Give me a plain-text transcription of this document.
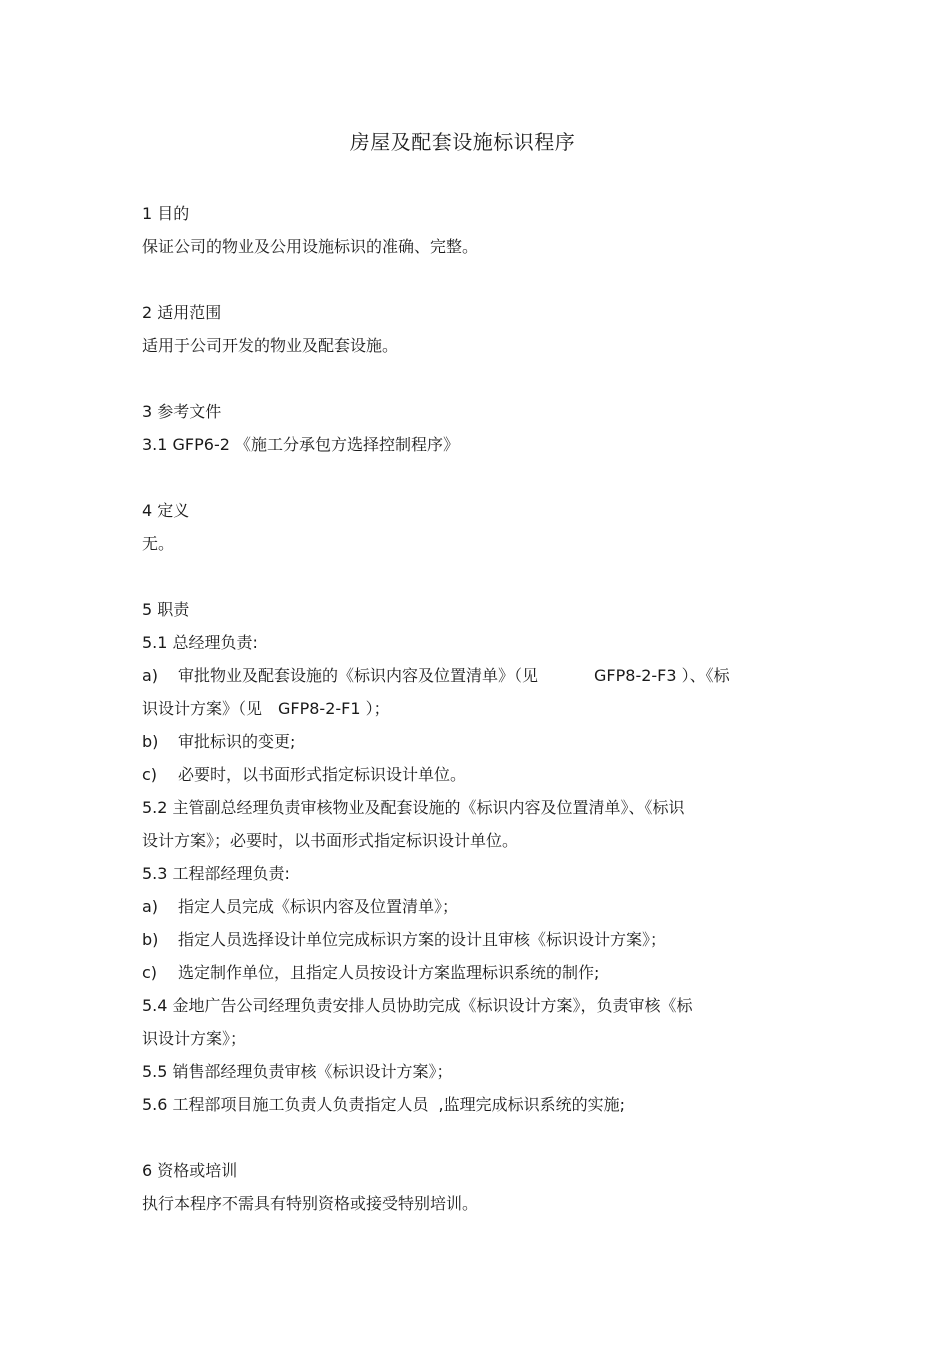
房屋及配套设施标识程序
1 目的
保证公司的物业及公用设施标识的准确、完整。
2 适用范围
适用于公司开发的物业及配套设施。
3 参考文件
3.1 GFP6-2 《施工分承包方选择控制程序》
4 定义
无。
5 职责
5.1 总经理负责:
a) 审批物业及配套设施的《标识内容及位置清单》（见	GFP8-2-F3 ）、《标
识设计方案》（见　GFP8-2-F1 ）；
b) 审批标识的变更;
c) 必要时，以书面形式指定标识设计单位。
5.2 主管副总经理负责审核物业及配套设施的《标识内容及位置清单》、《标识
设计方案》；必要时，以书面形式指定标识设计单位。
5.3 工程部经理负责:
a) 指定人员完成《标识内容及位置清单》；
b) 指定人员选择设计单位完成标识方案的设计且审核《标识设计方案》；
c) 选定制作单位，且指定人员按设计方案监理标识系统的制作;
5.4 金地广告公司经理负责安排人员协助完成《标识设计方案》，负责审核《标
识设计方案》；
5.5 销售部经理负责审核《标识设计方案》；
5.6 工程部项目施工负责人负责指定人员 ,监理完成标识系统的实施;
6 资格或培训
执行本程序不需具有特别资格或接受特别培训。
